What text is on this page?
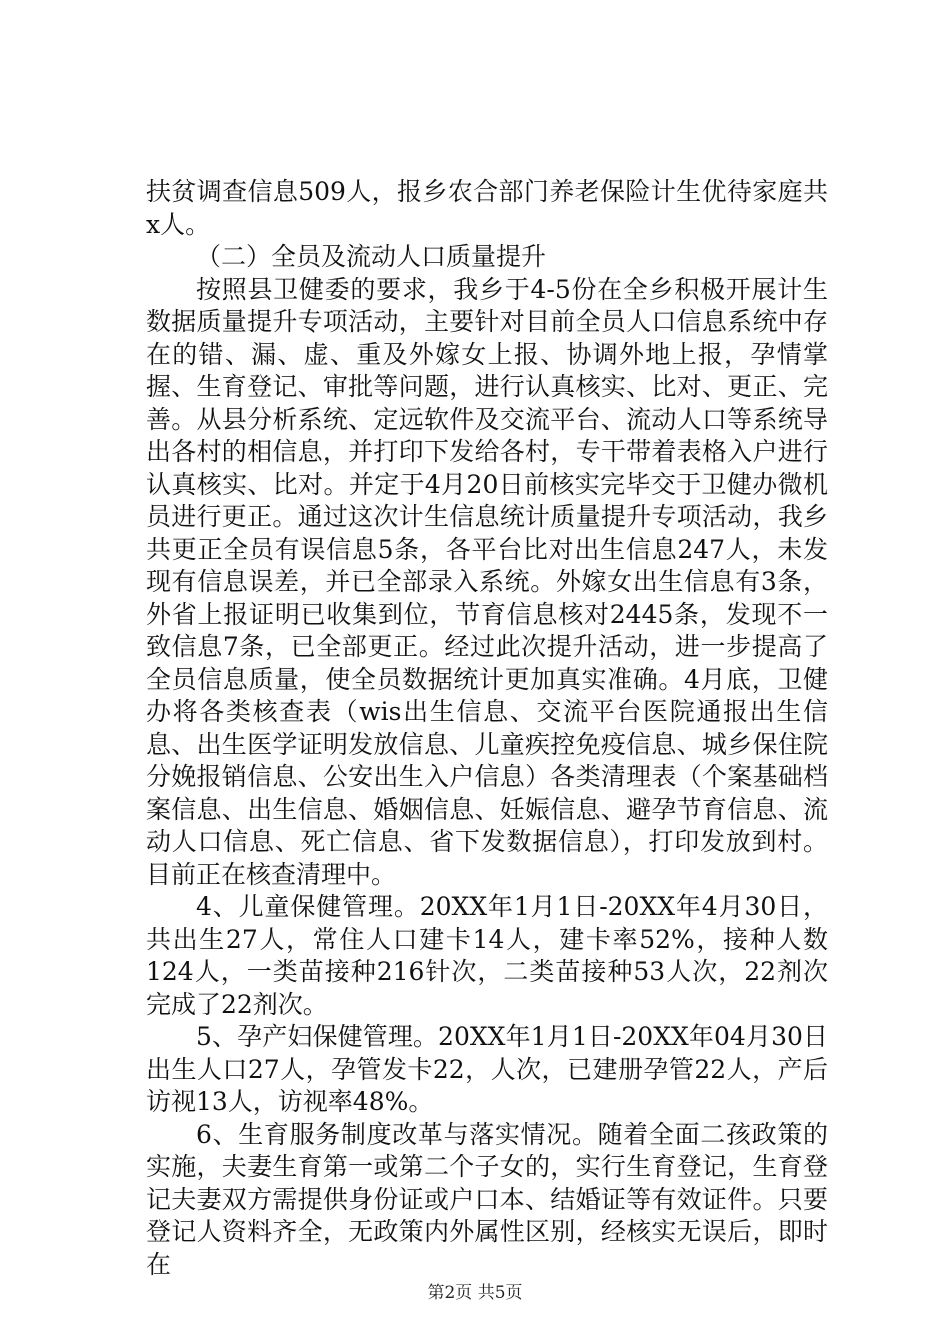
扶贫调查信息509人，报乡农合部门养老保险计生优待家庭共x人。

（二）全员及流动人口质量提升

按照县卫健委的要求，我乡于4-5份在全乡积极开展计生数据质量提升专项活动，主要针对目前全员人口信息系统中存在的错、漏、虚、重及外嫁女上报、协调外地上报，孕情掌握、生育登记、审批等问题，进行认真核实、比对、更正、完善。从县分析系统、定远软件及交流平台、流动人口等系统导出各村的相信息，并打印下发给各村，专干带着表格入户进行认真核实、比对。并定于4月20日前核实完毕交于卫健办微机员进行更正。通过这次计生信息统计质量提升专项活动，我乡共更正全员有误信息5条，各平台比对出生信息247人，未发现有信息误差，并已全部录入系统。外嫁女出生信息有3条，外省上报证明已收集到位，节育信息核对2445条，发现不一致信息7条，已全部更正。经过此次提升活动，进一步提高了全员信息质量，使全员数据统计更加真实准确。4月底，卫健办将各类核查表（wis出生信息、交流平台医院通报出生信息、出生医学证明发放信息、儿童疾控免疫信息、城乡保住院分娩报销信息、公安出生入户信息）各类清理表（个案基础档案信息、出生信息、婚姻信息、妊娠信息、避孕节育信息、流动人口信息、死亡信息、省下发数据信息），打印发放到村。目前正在核查清理中。

4、儿童保健管理。20XX年1月1日-20XX年4月30日，共出生27人，常住人口建卡14人，建卡率52%，接种人数124人，一类苗接种216针次，二类苗接种53人次，22剂次完成了22剂次。

5、孕产妇保健管理。20XX年1月1日-20XX年04月30日出生人口27人，孕管发卡22，人次，已建册孕管22人，产后访视13人，访视率48%。

6、生育服务制度改革与落实情况。随着全面二孩政策的实施，夫妻生育第一或第二个子女的，实行生育登记，生育登记夫妻双方需提供身份证或户口本、结婚证等有效证件。只要登记人资料齐全，无政策内外属性区别，经核实无误后，即时在

第2页 共5页
